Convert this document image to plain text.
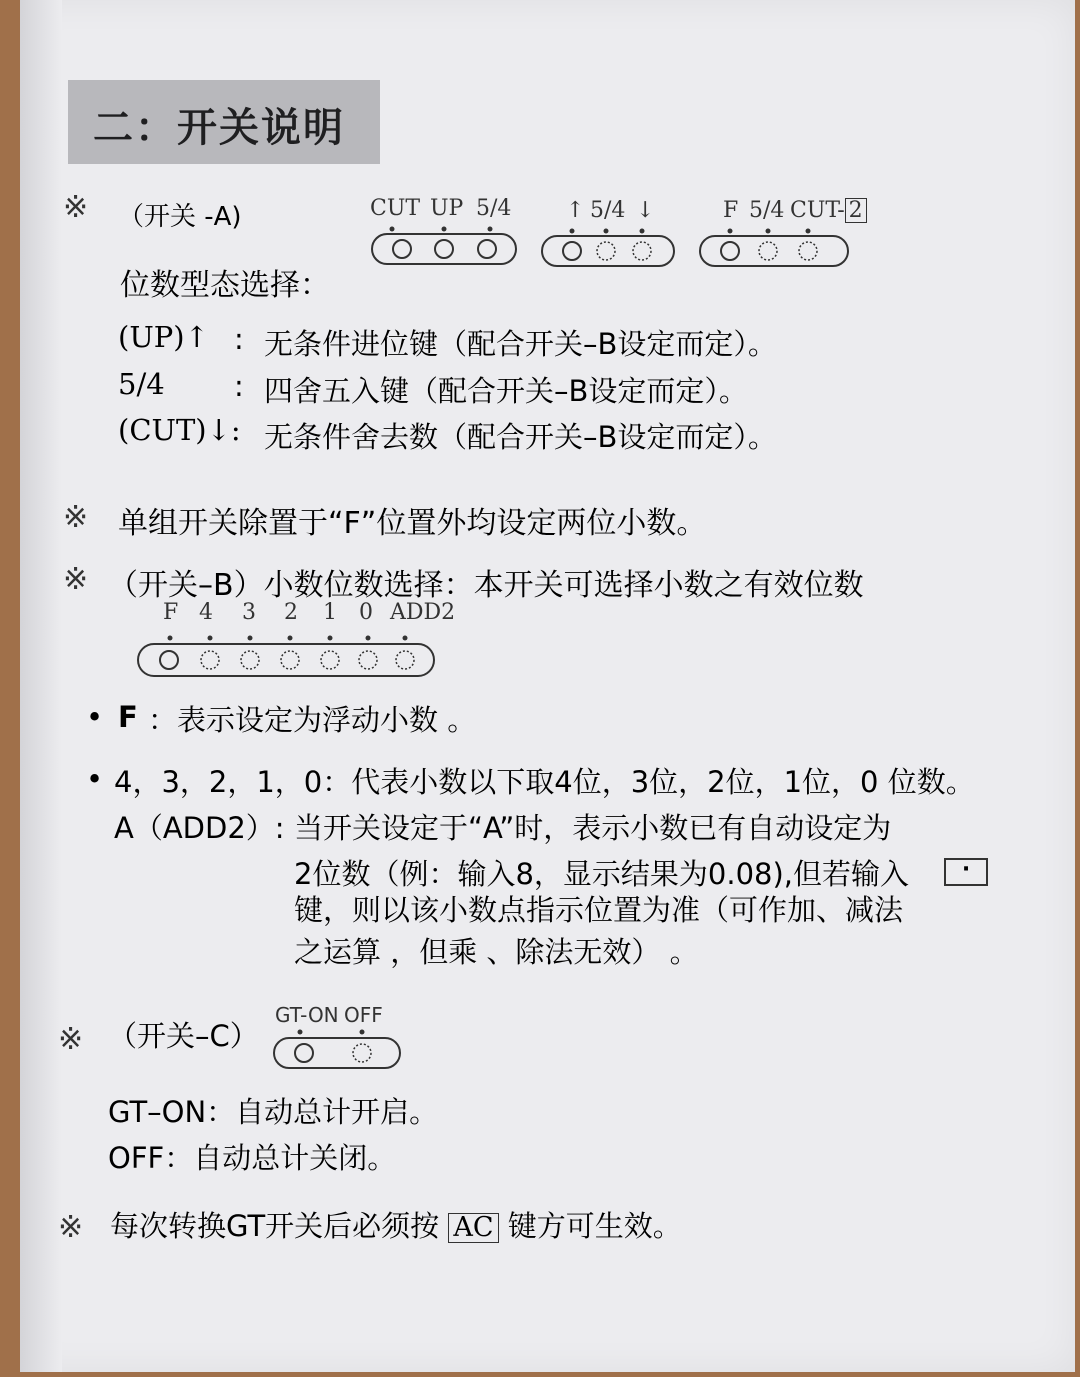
二：开关说明
※ （开关 -A)	CUT UP 5/4 ↑ 5/4 ↓	F 5/4 CUT- 2
位数型态选择：
(UP)↑ : 无条件进位键（配合开关–B设定而定）。
5/4 : 四舍五入键（配合开关–B设定而定）。
(CUT)↓: 无条件舍去数（配合开关–B设定而定）。
※ 单组开关除置于“F”位置外均设定两位小数。
※ （开关–B）小数位数选择：本开关可选择小数之有效位数
F 4 3 2 1 0 ADD2
• F ：表示设定为浮动小数 。
• 4，3，2，1，0：代表小数以下取4位，3位，2位，1位，0 位数。
A（ADD2）: 当开关设定于“A”时，表示小数已有自动设定为
2位数（例：输入8，显示结果为0.08),但若输入	·
键，则以该小数点指示位置为准（可作加、减法
之运算 ，但乘 、除法无效） 。
※ （开关–C）
GT-ON OFF
GT–ON：自动总计开启。
OFF：自动总计关闭。
※ 每次转换GT开关后必须按 AC 键方可生效。
